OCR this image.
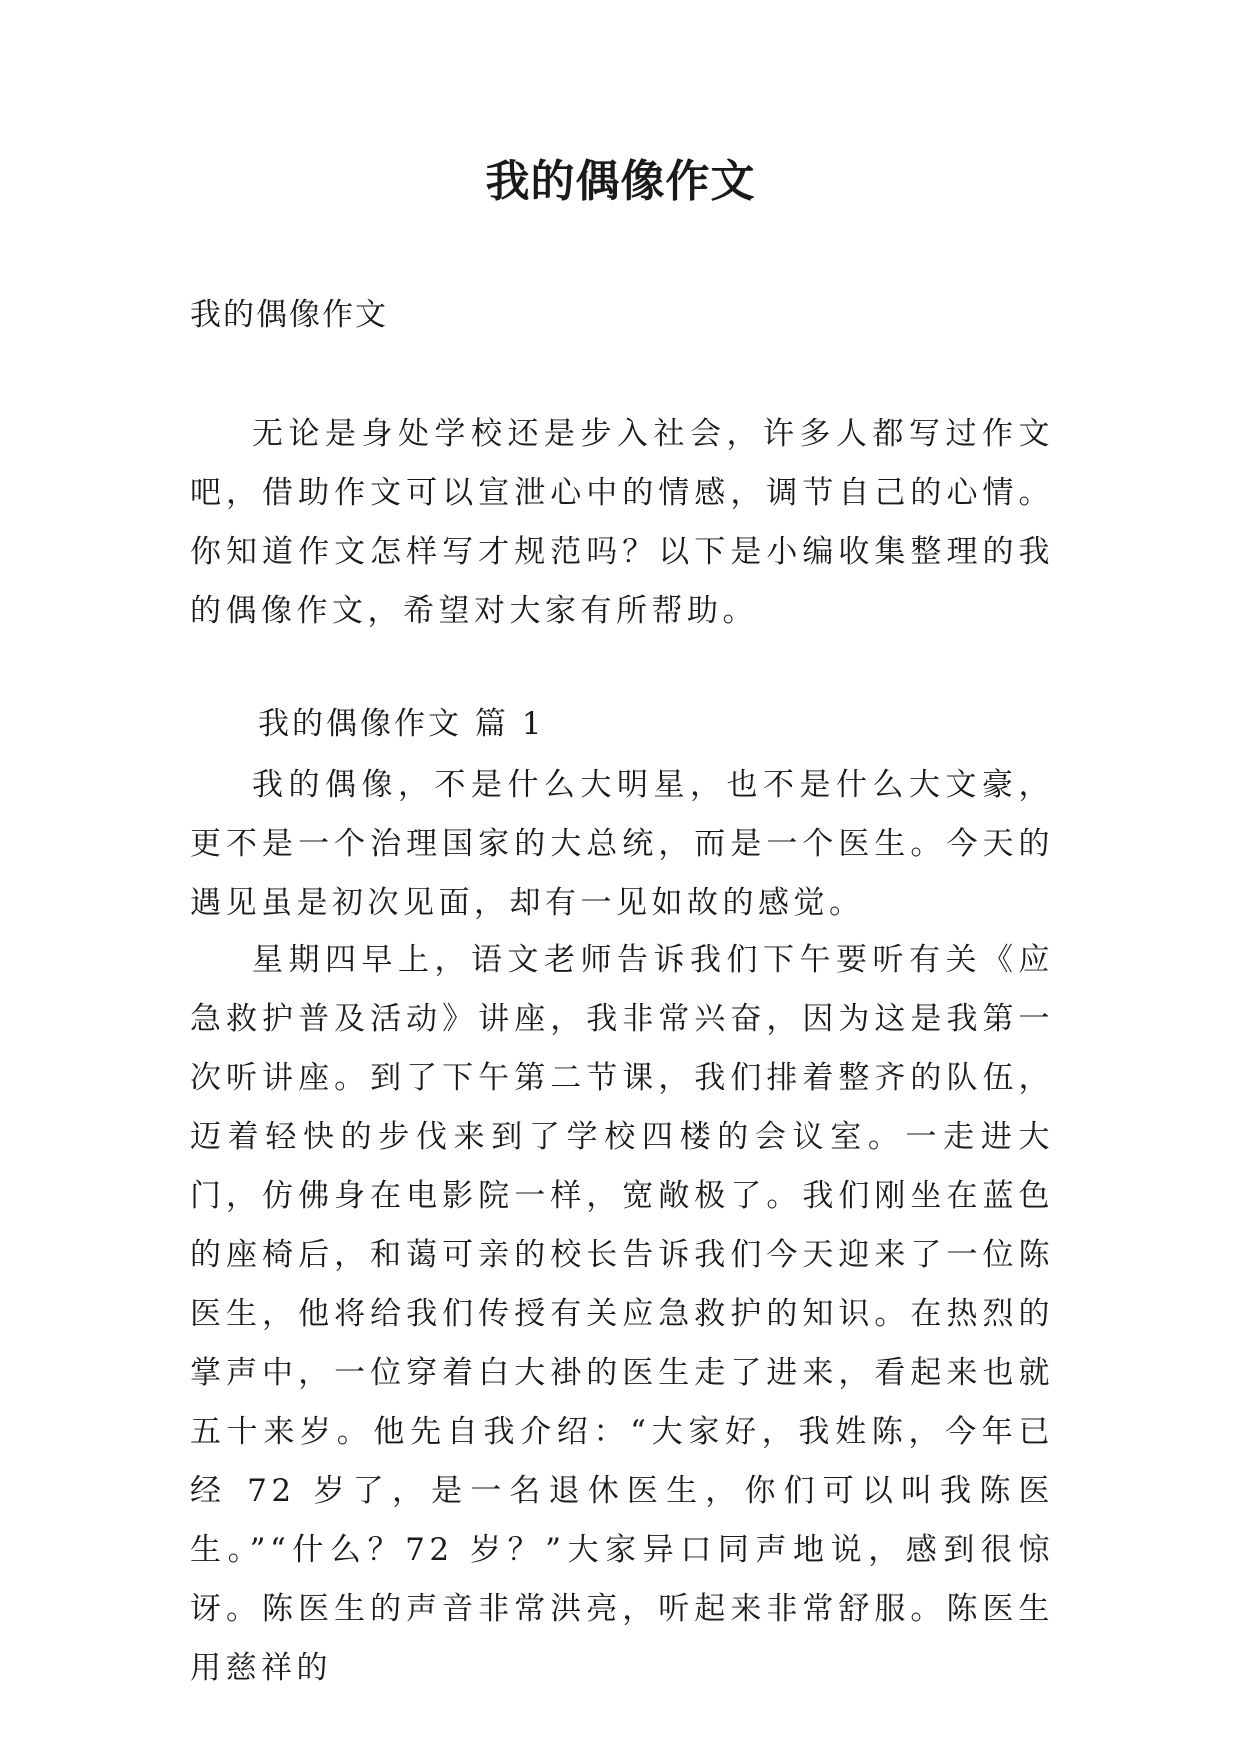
我的偶像作文

我的偶像作文

无论是身处学校还是步入社会，许多人都写过作文吧，借助作文可以宣泄心中的情感，调节自己的心情。你知道作文怎样写才规范吗？以下是小编收集整理的我的偶像作文，希望对大家有所帮助。

我的偶像作文 篇 1

我的偶像，不是什么大明星，也不是什么大文豪，更不是一个治理国家的大总统，而是一个医生。今天的遇见虽是初次见面，却有一见如故的感觉。

星期四早上，语文老师告诉我们下午要听有关《应急救护普及活动》讲座，我非常兴奋，因为这是我第一次听讲座。到了下午第二节课，我们排着整齐的队伍，迈着轻快的步伐来到了学校四楼的会议室。一走进大门，仿佛身在电影院一样，宽敞极了。我们刚坐在蓝色的座椅后，和蔼可亲的校长告诉我们今天迎来了一位陈医生，他将给我们传授有关应急救护的知识。在热烈的掌声中，一位穿着白大褂的医生走了进来，看起来也就五十来岁。他先自我介绍：“大家好，我姓陈，今年已经 72 岁了，是一名退休医生，你们可以叫我陈医生。”“什么？72 岁？”大家异口同声地说，感到很惊讶。陈医生的声音非常洪亮，听起来非常舒服。陈医生用慈祥的
